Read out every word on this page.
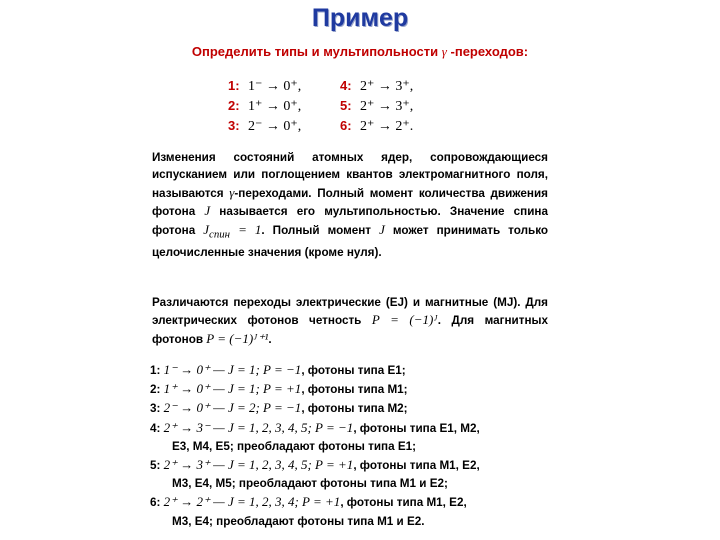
Пример
Определить типы и мультипольности γ -переходов:
1: 1⁻ → 0⁺,	4: 2⁺ → 3⁺,
2: 1⁺ → 0⁺,	5: 2⁺ → 3⁺,
3: 2⁻ → 0⁺,	6: 2⁺ → 2⁺.
Изменения состояний атомных ядер, сопровождающиеся испусканием или поглощением квантов электромагнитного поля, называются γ-переходами. Полный момент количества движения фотона J называется его мультипольностью. Значение спина фотона $J_{спин} = 1$. Полный момент J может принимать только целочисленные значения (кроме нуля).
Различаются переходы электрические (EJ) и магнитные (MJ). Для электрических фотонов четность P = (−1)ᴶ. Для магнитных фотонов P = (−1)ᴶ⁺¹.
1: 1⁻ → 0⁺ — J = 1; P = −1, фотоны типа E1;
2: 1⁺ → 0⁺ — J = 1; P = +1, фотоны типа M1;
3: 2⁻ → 0⁺ — J = 2; P = −1, фотоны типа M2;
4: 2⁺ → 3⁻ — J = 1, 2, 3, 4, 5; P = −1, фотоны типа E1, M2,
E3, M4, E5; преобладают фотоны типа E1;
5: 2⁺ → 3⁺ — J = 1, 2, 3, 4, 5; P = +1, фотоны типа M1, E2,
M3, E4, M5; преобладают фотоны типа M1 и E2;
6: 2⁺ → 2⁺ — J = 1, 2, 3, 4; P = +1, фотоны типа M1, E2,
M3, E4; преобладают фотоны типа M1 и E2.
